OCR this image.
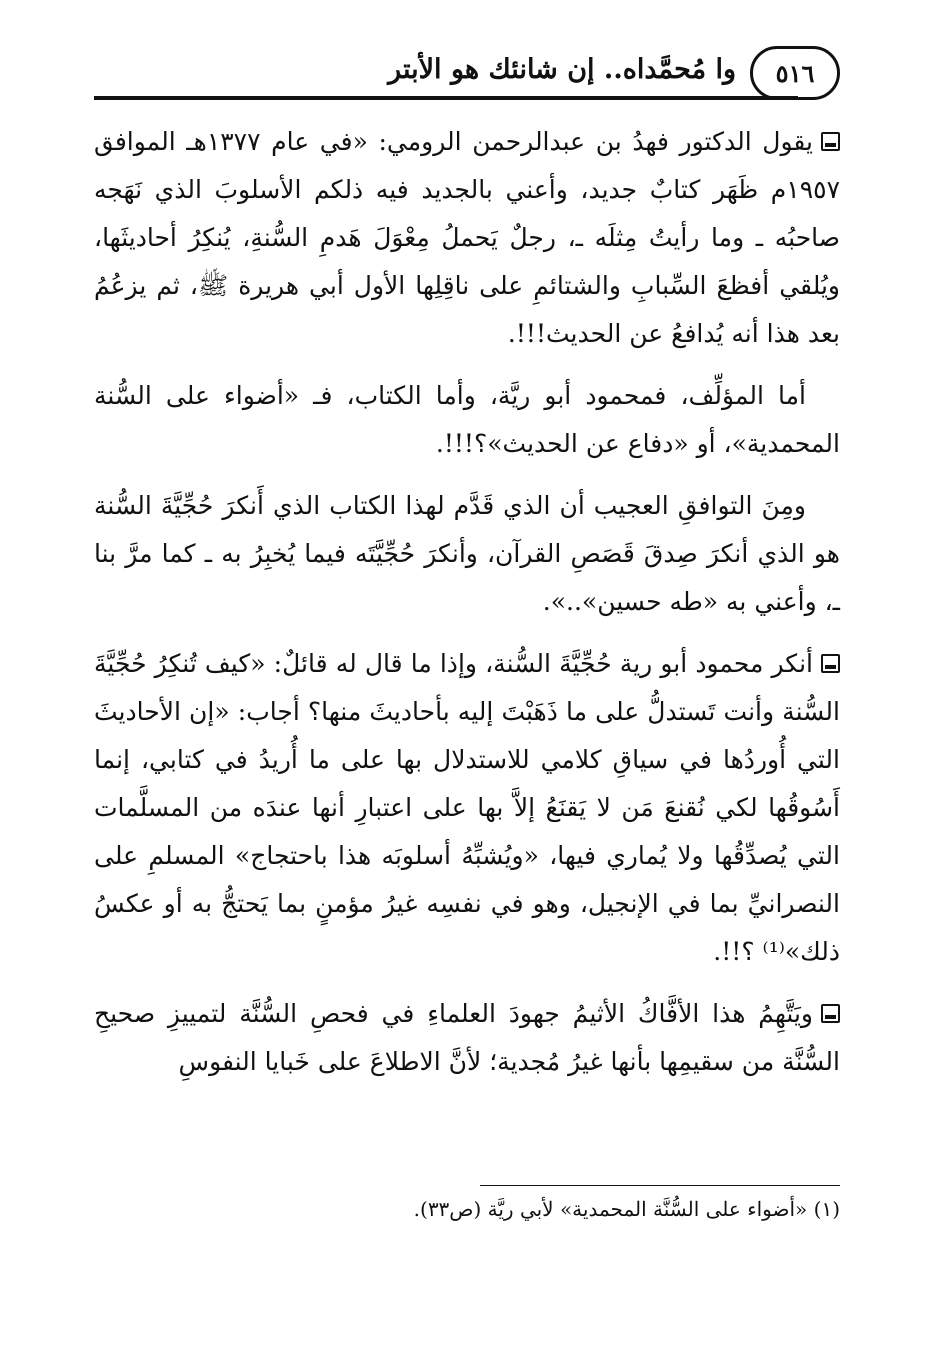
٥١٦
وا مُحمَّداه.. إن شانئك هو الأبتر

يقول الدكتور فهدُ بن عبدالرحمن الرومي: «في عام ١٣٧٧هـ الموافق ١٩٥٧م ظَهَر كتابٌ جديد، وأعني بالجديد فيه ذلكم الأسلوبَ الذي نَهَجه صاحبُه ـ وما رأيتُ مِثلَه ـ، رجلٌ يَحملُ مِعْوَلَ هَدمِ السُّنةِ، يُنكِرُ أحاديثَها، ويُلقي أفظعَ السِّبابِ والشتائمِ على ناقِلِها الأول أبي هريرة ﷺ، ثم يزعُمُ بعد هذا أنه يُدافعُ عن الحديث!!!.

أما المؤلِّف، فمحمود أبو ريَّة، وأما الكتاب، فـ «أضواء على السُّنة المحمدية»، أو «دفاع عن الحديث»؟!!!.

ومِنَ التوافقِ العجيب أن الذي قَدَّم لهذا الكتاب الذي أَنكرَ حُجِّيَّةَ السُّنة هو الذي أنكرَ صِدقَ قَصَصِ القرآن، وأنكرَ حُجِّيَّتَه فيما يُخبِرُ به ـ كما مرَّ بنا ـ، وأعني به «طه حسين»..».

أنكر محمود أبو رية حُجِّيَّةَ السُّنة، وإذا ما قال له قائلٌ: «كيف تُنكِرُ حُجِّيَّةَ السُّنة وأنت تَستدلُّ على ما ذَهَبْتَ إليه بأحاديثَ منها؟ أجاب: «إن الأحاديثَ التي أُوردُها في سياقِ كلامي للاستدلال بها على ما أُريدُ في كتابي، إنما أَسُوقُها لكي نُقنعَ مَن لا يَقنَعُ إلاَّ بها على اعتبارِ أنها عندَه من المسلَّمات التي يُصدِّقُها ولا يُماري فيها، «ويُشبِّهُ أسلوبَه هذا باحتجاج» المسلمِ على النصرانيِّ بما في الإنجيل، وهو في نفسِه غيرُ مؤمنٍ بما يَحتجُّ به أو عكسُ ذلك»⁽¹⁾ ؟!!.

ويَتَّهِمُ هذا الأفَّاكُ الأثيمُ جهودَ العلماءِ في فحصِ السُّنَّة لتمييزِ صحيحِ السُّنَّة من سقيمِها بأنها غيرُ مُجدية؛ لأنَّ الاطلاعَ على خَبايا النفوسِ

(١) «أضواء على السُّنَّة المحمدية» لأبي ريَّة (ص٣٣).
